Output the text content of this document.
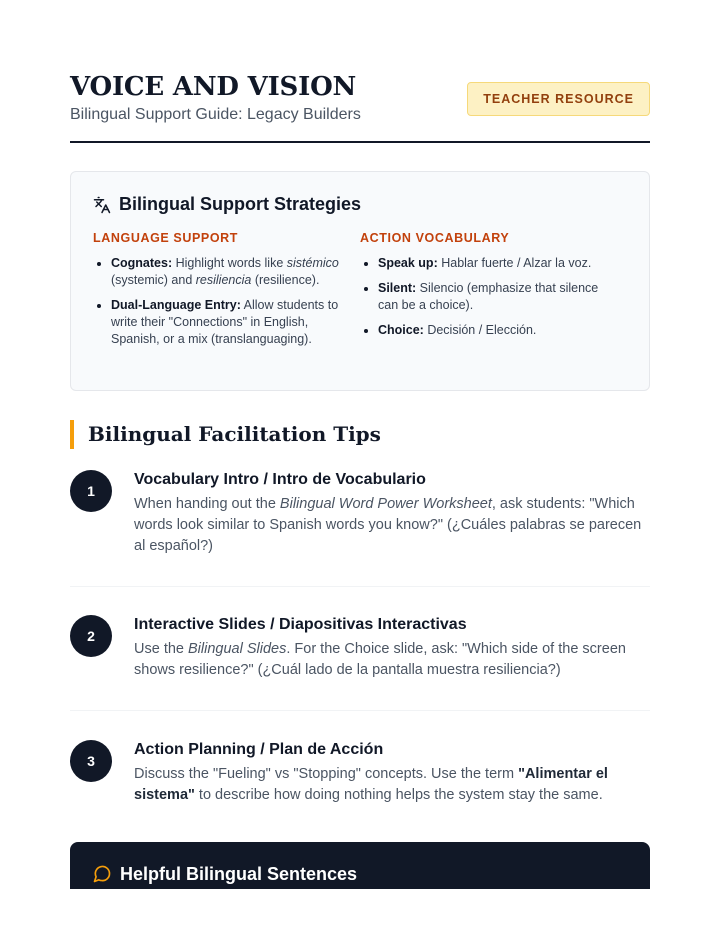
VOICE AND VISION
Bilingual Support Guide: Legacy Builders
TEACHER RESOURCE
Bilingual Support Strategies
LANGUAGE SUPPORT
Cognates: Highlight words like sistémico (systemic) and resiliencia (resilience).
Dual-Language Entry: Allow students to write their "Connections" in English, Spanish, or a mix (translanguaging).
ACTION VOCABULARY
Speak up: Hablar fuerte / Alzar la voz.
Silent: Silencio (emphasize that silence can be a choice).
Choice: Decisión / Elección.
Bilingual Facilitation Tips
1
Vocabulary Intro / Intro de Vocabulario
When handing out the Bilingual Word Power Worksheet, ask students: "Which words look similar to Spanish words you know?" (¿Cuáles palabras se parecen al español?)
2
Interactive Slides / Diapositivas Interactivas
Use the Bilingual Slides. For the Choice slide, ask: "Which side of the screen shows resilience?" (¿Cuál lado de la pantalla muestra resiliencia?)
3
Action Planning / Plan de Acción
Discuss the "Fueling" vs "Stopping" concepts. Use the term "Alimentar el sistema" to describe how doing nothing helps the system stay the same.
Helpful Bilingual Sentences
